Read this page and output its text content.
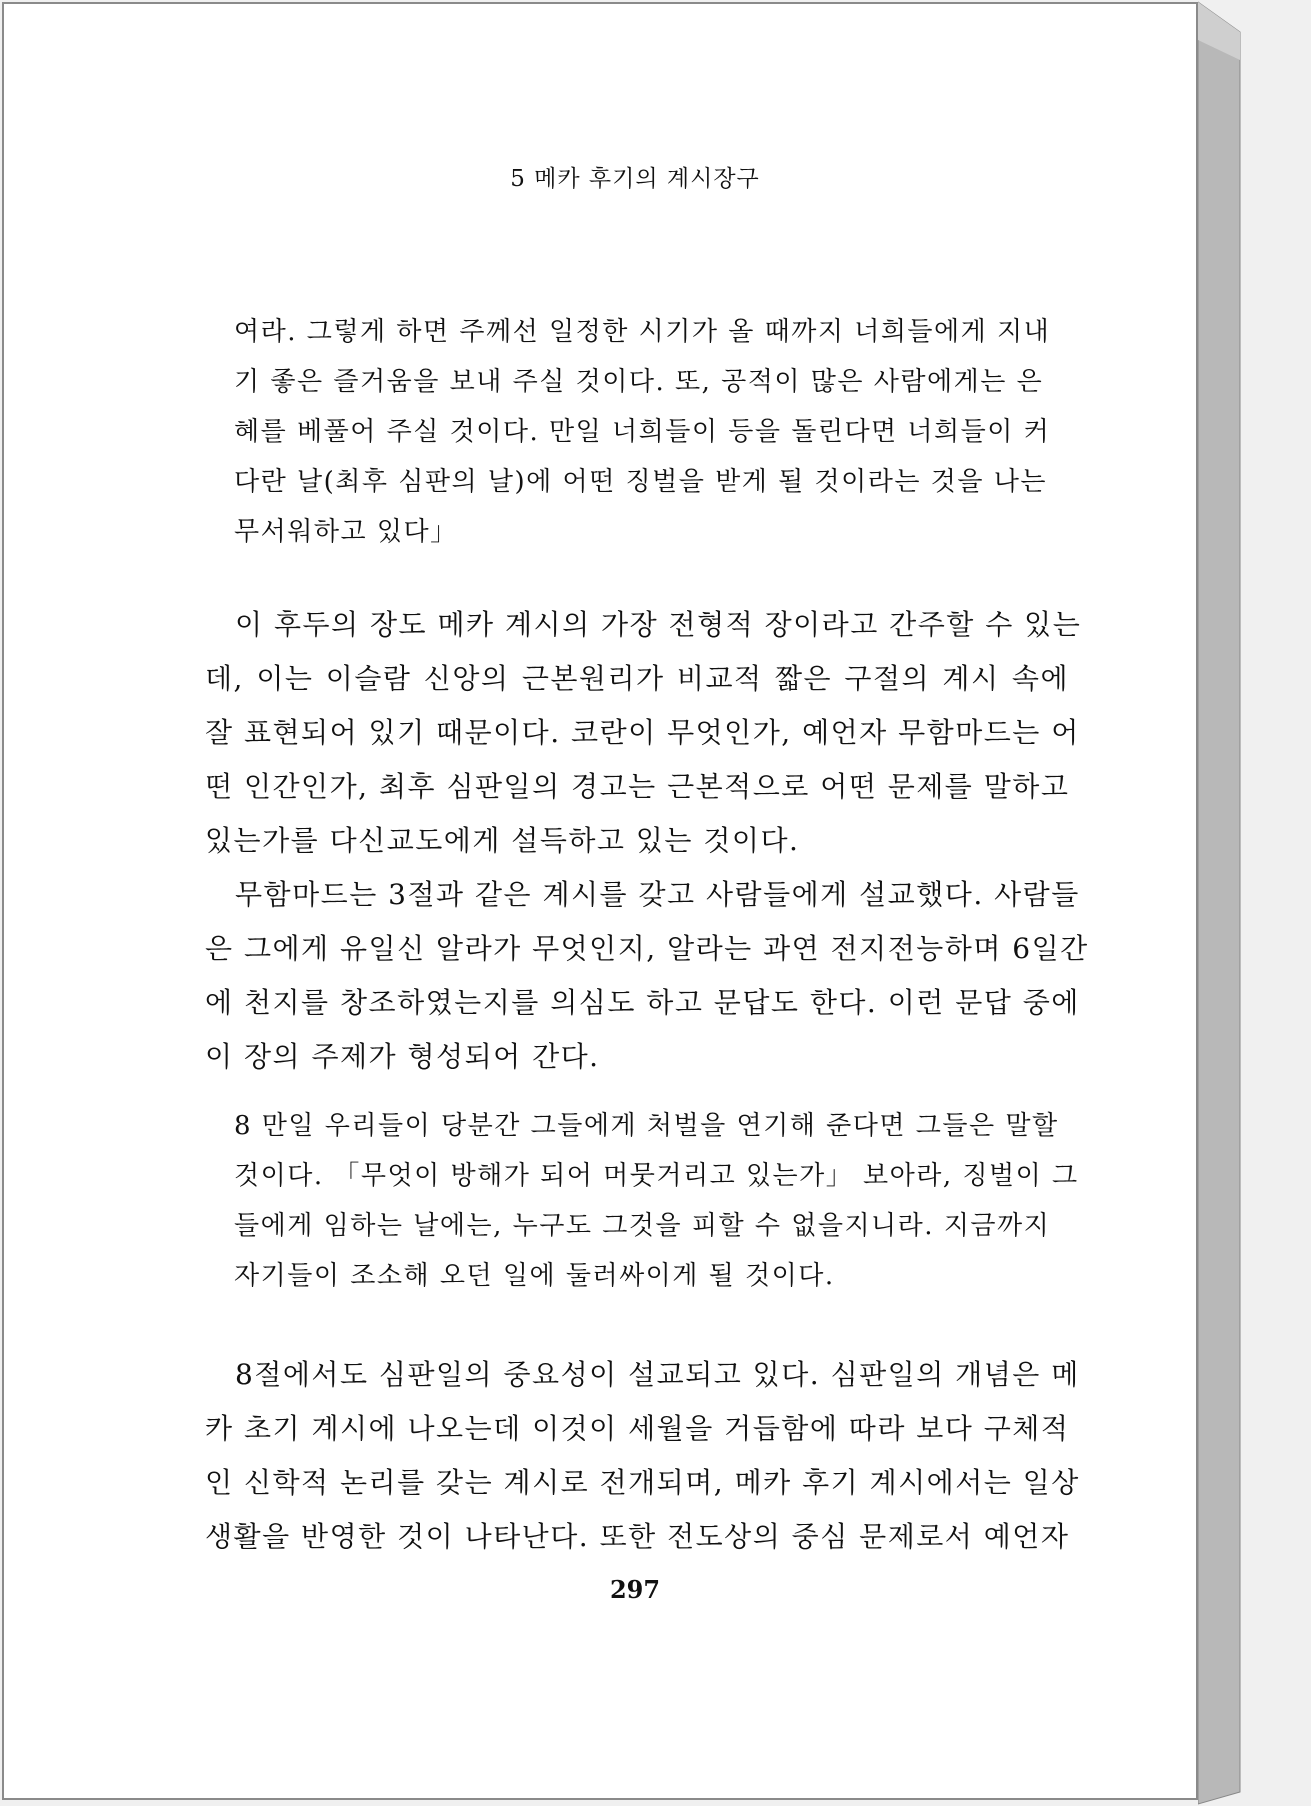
5 메카 후기의 계시장구
여라. 그렇게 하면 주께선 일정한 시기가 올 때까지 너희들에게 지내
기 좋은 즐거움을 보내 주실 것이다. 또, 공적이 많은 사람에게는 은
혜를 베풀어 주실 것이다. 만일 너희들이 등을 돌린다면 너희들이 커
다란 날(최후 심판의 날)에 어떤 징벌을 받게 될 것이라는 것을 나는
무서워하고 있다」
이 후두의 장도 메카 계시의 가장 전형적 장이라고 간주할 수 있는
데, 이는 이슬람 신앙의 근본원리가 비교적 짧은 구절의 계시 속에
잘 표현되어 있기 때문이다. 코란이 무엇인가, 예언자 무함마드는 어
떤 인간인가, 최후 심판일의 경고는 근본적으로 어떤 문제를 말하고
있는가를 다신교도에게 설득하고 있는 것이다.
무함마드는 3절과 같은 계시를 갖고 사람들에게 설교했다. 사람들
은 그에게 유일신 알라가 무엇인지, 알라는 과연 전지전능하며 6일간
에 천지를 창조하였는지를 의심도 하고 문답도 한다. 이런 문답 중에
이 장의 주제가 형성되어 간다.
8 만일 우리들이 당분간 그들에게 처벌을 연기해 준다면 그들은 말할
것이다. 「무엇이 방해가 되어 머뭇거리고 있는가」 보아라, 징벌이 그
들에게 임하는 날에는, 누구도 그것을 피할 수 없을지니라. 지금까지
자기들이 조소해 오던 일에 둘러싸이게 될 것이다.
8절에서도 심판일의 중요성이 설교되고 있다. 심판일의 개념은 메
카 초기 계시에 나오는데 이것이 세월을 거듭함에 따라 보다 구체적
인 신학적 논리를 갖는 계시로 전개되며, 메카 후기 계시에서는 일상
생활을 반영한 것이 나타난다. 또한 전도상의 중심 문제로서 예언자
297
